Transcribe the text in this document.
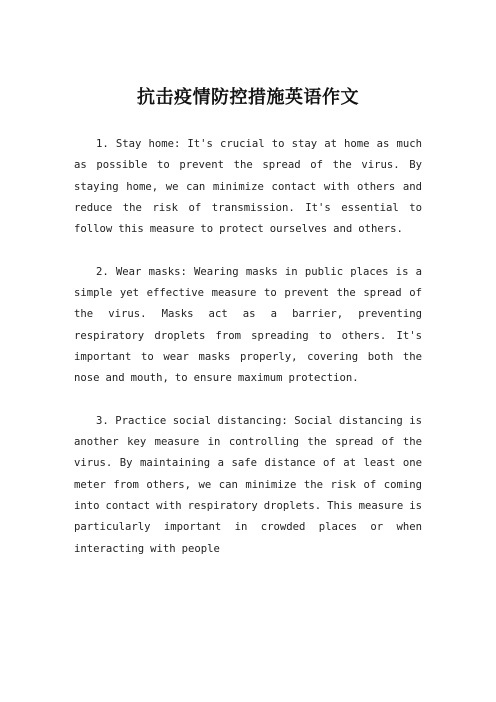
抗击疫情防控措施英语作文

1. Stay home: It's crucial to stay at home as much as possible to prevent the spread of the virus. By staying home, we can minimize contact with others and reduce the risk of transmission. It's essential to follow this measure to protect ourselves and others.

2. Wear masks: Wearing masks in public places is a simple yet effective measure to prevent the spread of the virus. Masks act as a barrier, preventing respiratory droplets from spreading to others. It's important to wear masks properly, covering both the nose and mouth, to ensure maximum protection.

3. Practice social distancing: Social distancing is another key measure in controlling the spread of the virus. By maintaining a safe distance of at least one meter from others, we can minimize the risk of coming into contact with respiratory droplets. This measure is particularly important in crowded places or when interacting with people
